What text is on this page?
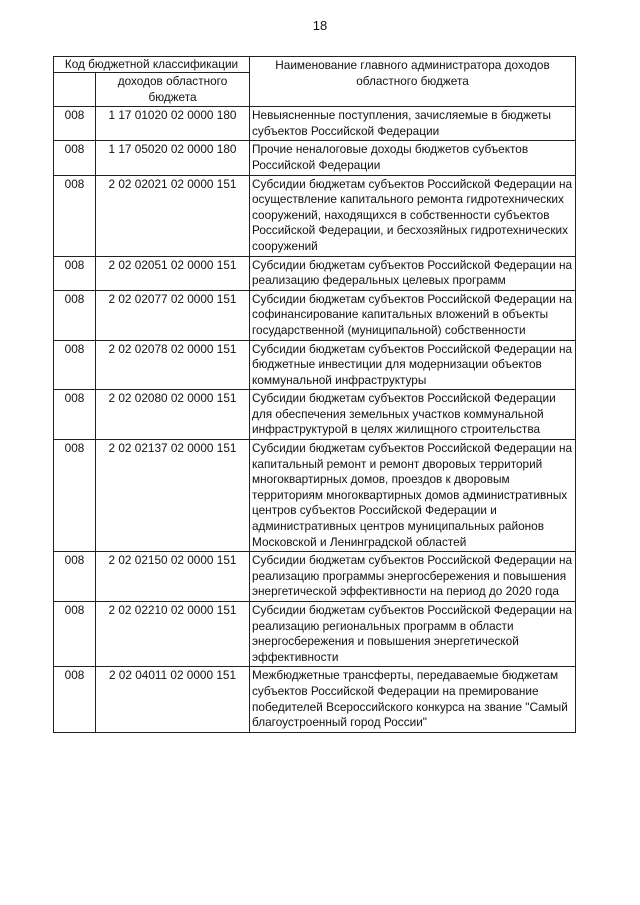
18
Код бюджетной классификации		Наименование главного администратора доходов областного бюджета
	доходов областного бюджета	
008	1 17 01020 02 0000 180	Невыясненные поступления, зачисляемые в бюджеты субъектов Российской Федерации
008	1 17 05020 02 0000 180	Прочие неналоговые доходы бюджетов субъектов Российской Федерации
008	2 02 02021 02 0000 151	Субсидии бюджетам субъектов Российской Федерации на осуществление капитального ремонта гидротехнических сооружений, находящихся в собственности субъектов Российской Федерации, и бесхозяйных гидротехнических сооружений
008	2 02 02051 02 0000 151	Субсидии бюджетам субъектов Российской Федерации на реализацию федеральных целевых программ
008	2 02 02077 02 0000 151	Субсидии бюджетам субъектов Российской Федерации на софинансирование капитальных вложений в объекты государственной (муниципальной) собственности
008	2 02 02078 02 0000 151	Субсидии бюджетам субъектов Российской Федерации на бюджетные инвестиции для модернизации объектов коммунальной инфраструктуры
008	2 02 02080 02 0000 151	Субсидии бюджетам субъектов Российской Федерации для обеспечения земельных участков коммунальной инфраструктурой в целях жилищного строительства
008	2 02 02137 02 0000 151	Субсидии бюджетам субъектов Российской Федерации на капитальный ремонт и ремонт дворовых территорий многоквартирных домов, проездов к дворовым территориям многоквартирных домов административных центров субъектов Российской Федерации и административных центров муниципальных районов Московской и Ленинградской областей
008	2 02 02150 02 0000 151	Субсидии бюджетам субъектов Российской Федерации на реализацию программы энергосбережения и повышения энергетической эффективности на период до 2020 года
008	2 02 02210 02 0000 151	Субсидии бюджетам субъектов Российской Федерации на реализацию региональных программ в области энергосбережения и повышения энергетической эффективности
008	2 02 04011 02 0000 151	Межбюджетные трансферты, передаваемые бюджетам субъектов Российской Федерации на премирование победителей Всероссийского конкурса на звание "Самый благоустроенный город России"
